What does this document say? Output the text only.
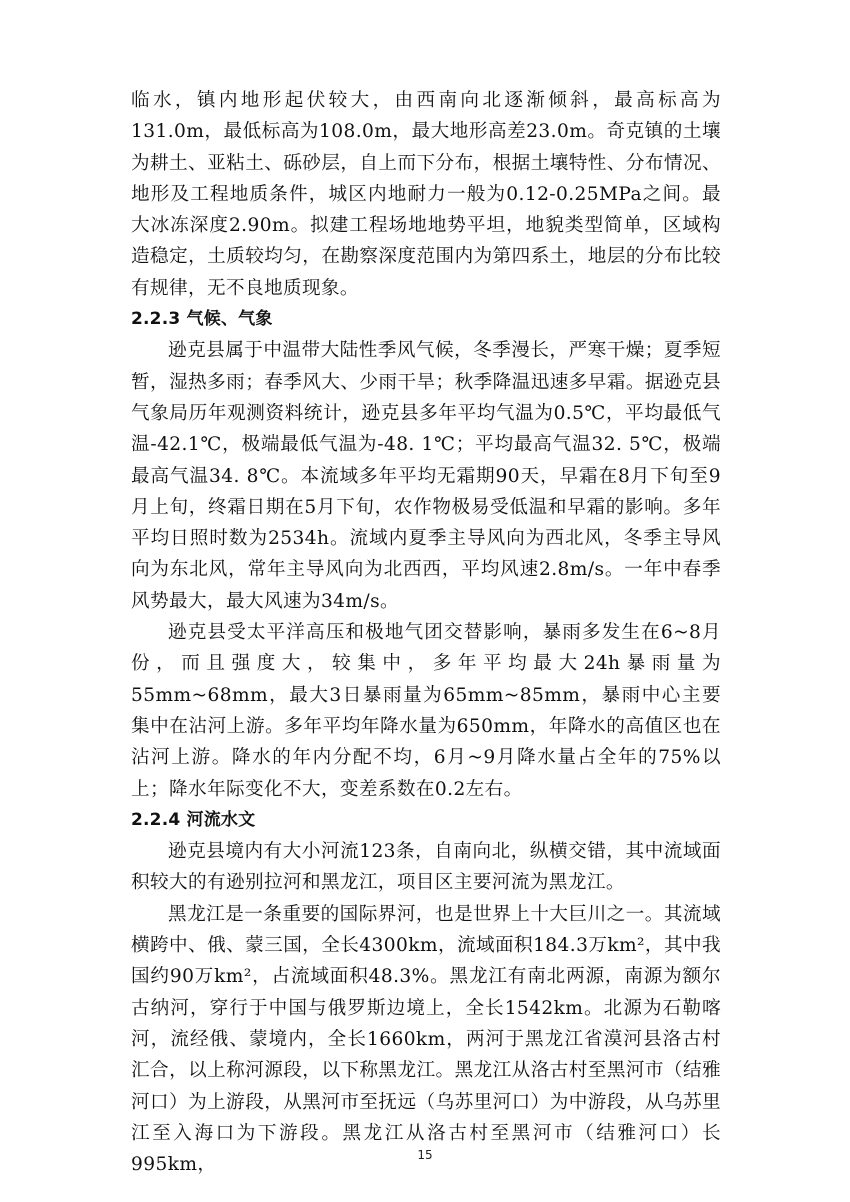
临水，镇内地形起伏较大，由西南向北逐渐倾斜，最高标高为131.0m，最低标高为108.0m，最大地形高差23.0m。奇克镇的土壤为耕土、亚粘土、砾砂层，自上而下分布，根据土壤特性、分布情况、地形及工程地质条件，城区内地耐力一般为0.12-0.25MPa之间。最大冰冻深度2.90m。拟建工程场地地势平坦，地貌类型简单，区域构造稳定，土质较均匀，在勘察深度范围内为第四系土，地层的分布比较有规律，无不良地质现象。

2.2.3 气候、气象

逊克县属于中温带大陆性季风气候，冬季漫长，严寒干燥；夏季短暂，湿热多雨；春季风大、少雨干旱；秋季降温迅速多早霜。据逊克县气象局历年观测资料统计，逊克县多年平均气温为0.5℃，平均最低气温-42.1℃，极端最低气温为-48. 1℃；平均最高气温32. 5℃，极端最高气温34. 8℃。本流域多年平均无霜期90天，早霜在8月下旬至9月上旬，终霜日期在5月下旬，农作物极易受低温和早霜的影响。多年平均日照时数为2534h。流域内夏季主导风向为西北风，冬季主导风向为东北风，常年主导风向为北西西，平均风速2.8m/s。一年中春季风势最大，最大风速为34m/s。

逊克县受太平洋高压和极地气团交替影响，暴雨多发生在6~8月份，而且强度大，较集中，多年平均最大24h暴雨量为55mm~68mm，最大3日暴雨量为65mm~85mm，暴雨中心主要集中在沾河上游。多年平均年降水量为650mm，年降水的高值区也在沾河上游。降水的年内分配不均，6月~9月降水量占全年的75%以上；降水年际变化不大，变差系数在0.2左右。

2.2.4 河流水文

逊克县境内有大小河流123条，自南向北，纵横交错，其中流域面积较大的有逊别拉河和黑龙江，项目区主要河流为黑龙江。

黑龙江是一条重要的国际界河，也是世界上十大巨川之一。其流域横跨中、俄、蒙三国，全长4300km，流域面积184.3万km²，其中我国约90万km²，占流域面积48.3%。黑龙江有南北两源，南源为额尔古纳河，穿行于中国与俄罗斯边境上，全长1542km。北源为石勒喀河，流经俄、蒙境内，全长1660km，两河于黑龙江省漠河县洛古村汇合，以上称河源段，以下称黑龙江。黑龙江从洛古村至黑河市（结雅河口）为上游段，从黑河市至抚远（乌苏里河口）为中游段，从乌苏里江至入海口为下游段。黑龙江从洛古村至黑河市（结雅河口）长995km，	15
